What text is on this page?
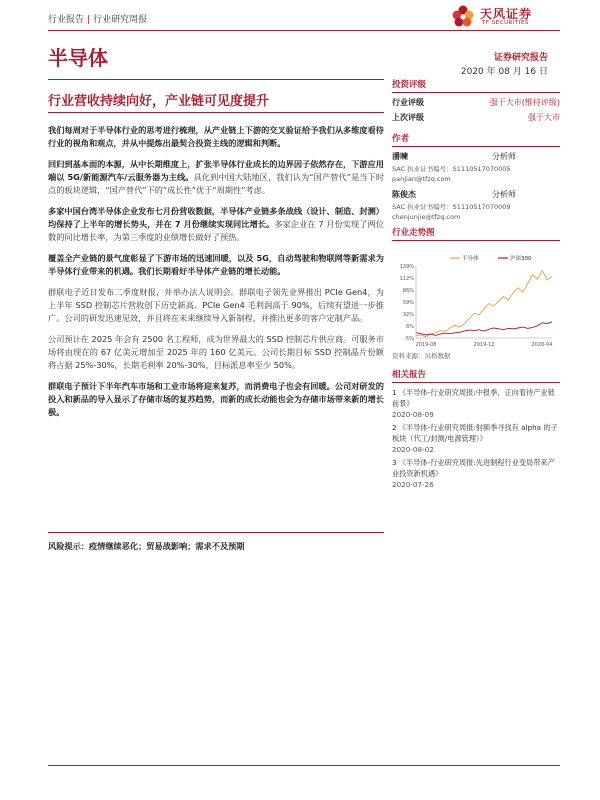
行业报告 | 行业研究周报	天风证券
TF SECURITIES
半导体	证券研究报告
2020 年 08 月 16 日
行业营收持续向好，产业链可见度提升

我们每周对于半导体行业的思考进行梳理，从产业链上下游的交叉验证给予我们从多维度看待行业的视角和观点，并从中提炼出最契合投资主线的逻辑和判断。

回归到基本面的本源，从中长期维度上，扩张半导体行业成长的边界因子依然存在，下游应用端以 5G/新能源汽车/云服务器为主线。具化到中国大陆地区，我们认为“国产替代”是当下时点的板块逻辑，“国产替代”下的“成长性”优于“周期性”考虑。

多家中国台湾半导体企业发布七月份营收数据，半导体产业链多条战线（设计、制造、封测）均保持了上半年的增长势头，并在 7 月份继续实现同比增长。多家企业在 7 月份实现了两位数的同比增长率，为第三季度的业绩增长做好了预热。

覆盖全产业链的景气度彰显了下游市场的迅速回暖，以及 5G，自动驾驶和物联网等新需求为半导体行业带来的机遇。我们长期看好半导体产业链的增长动能。

群联电子近日发布二季度财报，并举办法人说明会。群联电子领先业界推出 PCIe Gen4，为上半年 SSD 控制芯片营收创下历史新高。PCIe Gen4 毛利润高于 90%，后续有望进一步推广。公司的研发迅速见效，并且将在未来继续导入新制程，并推出更多的客户定制产品。

公司预计在 2025 年会有 2500 名工程师，成为世界最大的 SSD 控制芯片供应商。可服务市场将由现在的 67 亿美元增加至 2025 年的 160 亿美元。公司长期目标 SSD 控制晶片份额将占据 25%-30%，长期毛利率 20%-30%，目标派息率至少 50%。

群联电子预计下半年汽车市场和工业市场将迎来复苏，而消费电子也会有回暖。公司对研发的投入和新品的导入显示了存储市场的复苏趋势，而新的成长动能也会为存储市场带来新的增长极。

风险提示：疫情继续恶化；贸易战影响；需求不及预期
投资评级
行业评级	强于大市(维持评级)
上次评级	强于大市
作者
潘暕	分析师
SAC 执业证书编号：S1110517070005
panjian@tfzq.com
陈俊杰	分析师
SAC 执业证书编号：S1110517070009
chenjunjie@tfzq.com
行业走势图
139%
112%
86%
59%
32%
6%
-5%
2019-08	2019-12	2020-04
半导体	沪深300
资料来源：贝格数据
相关报告
1 《半导体-行业研究周报:中报季，正向着待产业链前景》
2020-08-09
2 《半导体-行业研究周报:射频季寻找有 alpha 的子板块（代工/封测/电源管理）》
2020-08-02
3 《半导体-行业研究周报:先进制程行业变局带来产业投资新机遇》
2020-07-26
